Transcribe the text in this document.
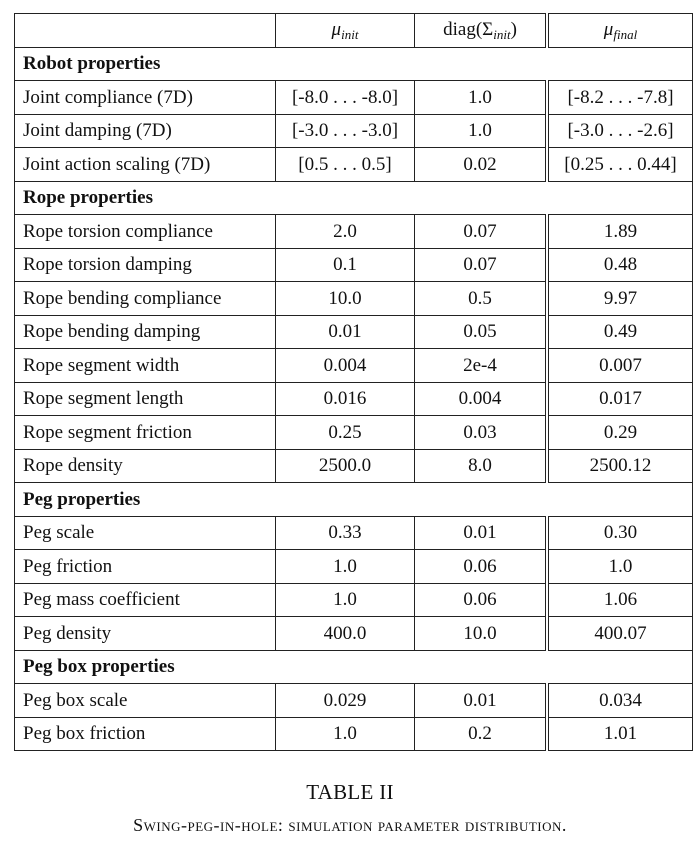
	$\mu_{init}$	$diag(\Sigma_{init})$	$\mu_{final}$
Robot properties			
Joint compliance (7D)	[-8.0 . . . -8.0]	1.0	[-8.2 . . . -7.8]
Joint damping (7D)	[-3.0 . . . -3.0]	1.0	[-3.0 . . . -2.6]
Joint action scaling (7D)	[0.5 . . . 0.5]	0.02	[0.25 . . . 0.44]
Rope properties			
Rope torsion compliance	2.0	0.07	1.89
Rope torsion damping	0.1	0.07	0.48
Rope bending compliance	10.0	0.5	9.97
Rope bending damping	0.01	0.05	0.49
Rope segment width	0.004	2e-4	0.007
Rope segment length	0.016	0.004	0.017
Rope segment friction	0.25	0.03	0.29
Rope density	2500.0	8.0	2500.12
Peg properties			
Peg scale	0.33	0.01	0.30
Peg friction	1.0	0.06	1.0
Peg mass coefficient	1.0	0.06	1.06
Peg density	400.0	10.0	400.07
Peg box properties			
Peg box scale	0.029	0.01	0.034
Peg box friction	1.0	0.2	1.01
TABLE II
Swing-peg-in-hole: simulation parameter distribution.
